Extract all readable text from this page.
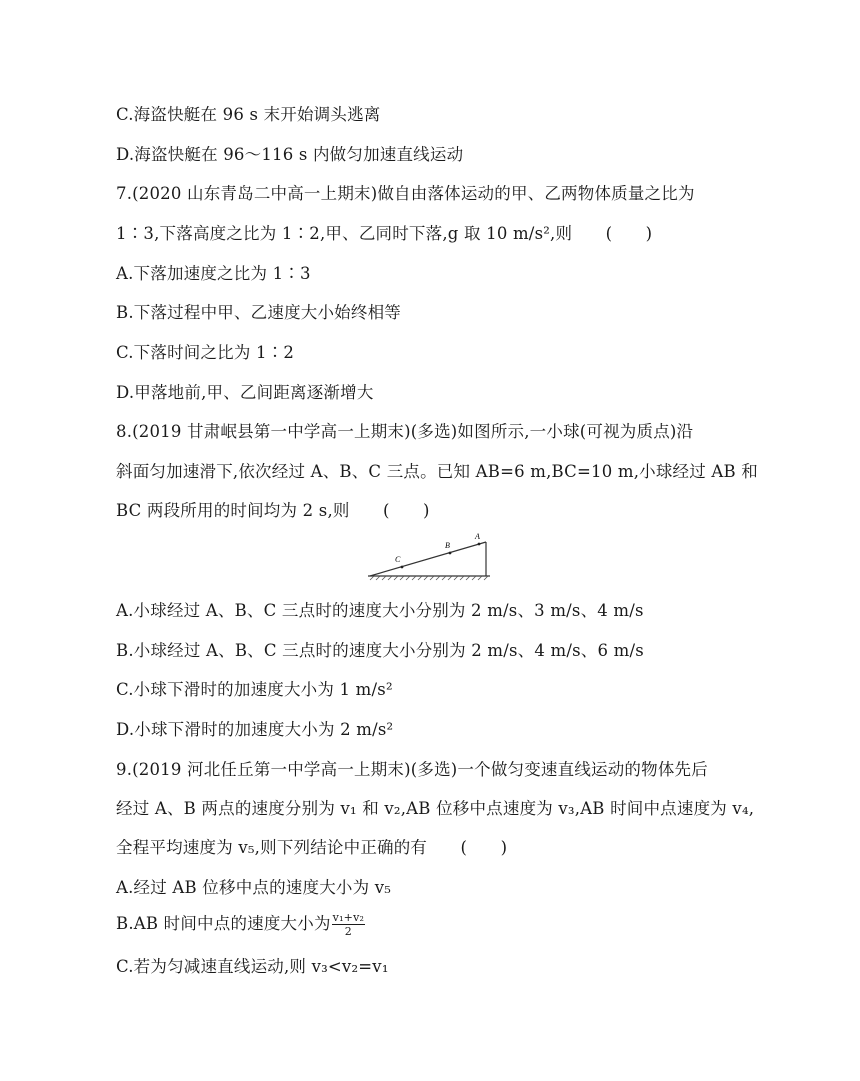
C.海盗快艇在 96 s 末开始调头逃离
D.海盗快艇在 96～116 s 内做匀加速直线运动
7.(2020 山东青岛二中高一上期末)做自由落体运动的甲、乙两物体质量之比为
1∶3,下落高度之比为 1∶2,甲、乙同时下落,g 取 10 m/s²,则　　(　　)
A.下落加速度之比为 1∶3
B.下落过程中甲、乙速度大小始终相等
C.下落时间之比为 1∶2
D.甲落地前,甲、乙间距离逐渐增大
8.(2019 甘肃岷县第一中学高一上期末)(多选)如图所示,一小球(可视为质点)沿
斜面匀加速滑下,依次经过 A、B、C 三点。已知 AB=6 m,BC=10 m,小球经过 AB 和
BC 两段所用的时间均为 2 s,则　　(　　)
A
B
C
A.小球经过 A、B、C 三点时的速度大小分别为 2 m/s、3 m/s、4 m/s
B.小球经过 A、B、C 三点时的速度大小分别为 2 m/s、4 m/s、6 m/s
C.小球下滑时的加速度大小为 1 m/s²
D.小球下滑时的加速度大小为 2 m/s²
9.(2019 河北任丘第一中学高一上期末)(多选)一个做匀变速直线运动的物体先后
经过 A、B 两点的速度分别为 v₁ 和 v₂,AB 位移中点速度为 v₃,AB 时间中点速度为 v₄,
全程平均速度为 v₅,则下列结论中正确的有　　(　　)
A.经过 AB 位移中点的速度大小为 v₅
B.AB 时间中点的速度大小为 $\frac{\text{v₁+v₂}}{2}$
C.若为匀减速直线运动,则 v₃<v₂=v₁
